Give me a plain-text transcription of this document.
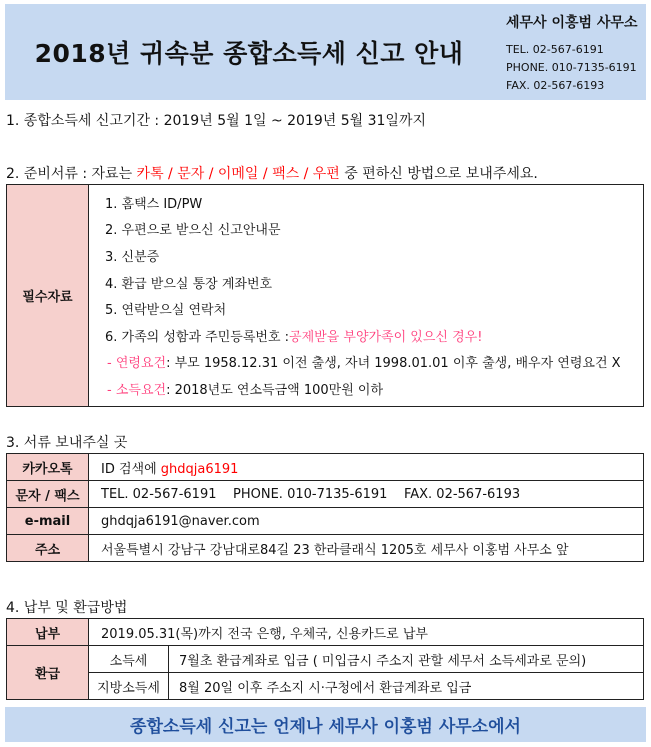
2018년 귀속분 종합소득세 신고 안내
세무사 이홍범 사무소
TEL. 02-567-6191
PHONE. 010-7135-6191
FAX. 02-567-6193
1. 종합소득세 신고기간 : 2019년 5월 1일 ~ 2019년 5월 31일까지
2. 준비서류 : 자료는 카톡 / 문자 / 이메일 / 팩스 / 우편 중 편하신 방법으로 보내주세요.
필수자료	
1. 홈택스 ID/PW
2. 우편으로 받으신 신고안내문
3. 신분증
4. 환급 받으실 통장 계좌번호
5. 연락받으실 연락처
6. 가족의 성함과 주민등록번호 : 공제받을 부양가족이 있으신 경우!
- 연령요건 : 부모 1958.12.31 이전 출생, 자녀 1998.01.01 이후 출생, 배우자 연령요건 X
- 소득요건 : 2018년도 연소득금액 100만원 이하
3. 서류 보내주실 곳
카카오톡	ID 검색에 ghdqja6191
문자 / 팩스	TEL. 02-567-6191    PHONE. 010-7135-6191    FAX. 02-567-6193
e-mail	ghdqja6191@naver.com
주소	서울특별시 강남구 강남대로84길 23 한라클래식 1205호 세무사 이홍범 사무소 앞
4. 납부 및 환급방법
납부	2019.05.31(목)까지 전국 은행, 우체국, 신용카드로 납부	
환급	소득세	7월초 환급계좌로 입금 ( 미입금시 주소지 관할 세무서 소득세과로 문의)
	지방소득세	8월 20일 이후 주소지 시·구청에서 환급계좌로 입금
종합소득세 신고는 언제나 세무사 이홍범 사무소에서
